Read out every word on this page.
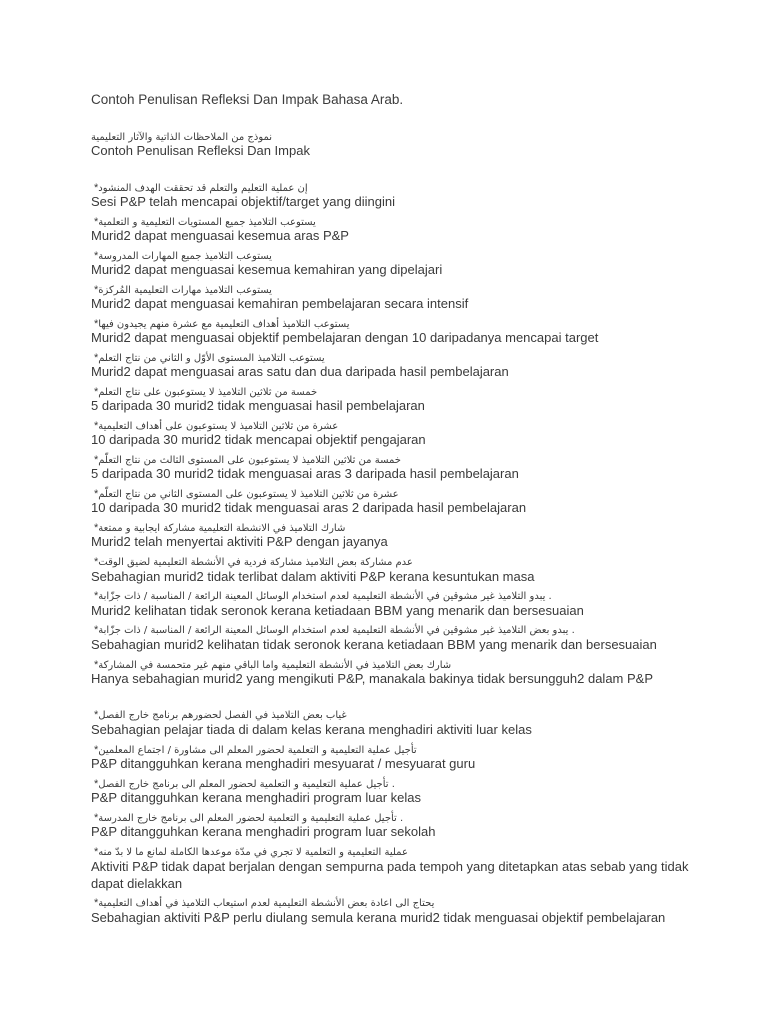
Contoh Penulisan Refleksi Dan Impak Bahasa Arab.
نموذج من الملاحظات الذاتية والآثار التعليمية
Contoh Penulisan Refleksi Dan Impak
*إن عملية التعليم والتعلم قد تحققت الهدف المنشود
Sesi P&P telah mencapai objektif/target yang diingini
*يستوعب التلاميذ جميع المستويات التعليمية و التعلمية
Murid2 dapat menguasai kesemua aras P&P
*يستوعب التلاميذ جميع المهارات المدروسة
Murid2 dapat menguasai kesemua kemahiran yang dipelajari
*يستوعب التلاميذ مهارات التعليمية المُركزة
Murid2 dapat menguasai kemahiran pembelajaran secara intensif
*يستوعب التلاميذ أهداف التعليمية مع عشرة منهم يجيدون فيها
Murid2 dapat menguasai objektif pembelajaran dengan 10 daripadanya mencapai target
*يستوعب التلاميذ المستوى الأوّل و الثاني من نتاج التعلم
Murid2 dapat menguasai aras satu dan dua daripada hasil pembelajaran
*خمسة من ثلاثين التلاميذ لا يستوعبون على نتاج التعلم
5 daripada 30 murid2 tidak menguasai hasil pembelajaran
*عشرة من ثلاثين التلاميذ لا يستوعبون على أهداف التعليمية
10 daripada 30 murid2 tidak mencapai objektif pengajaran
*خمسة من ثلاثين التلاميذ لا يستوعبون على المستوى الثالث من نتاج التعلّم
5 daripada 30 murid2 tidak menguasai aras 3 daripada hasil pembelajaran
*عشرة من ثلاثين التلاميذ لا يستوعبون على المستوى الثاني من نتاج التعلّم
10 daripada 30 murid2 tidak menguasai aras 2 daripada hasil pembelajaran
*شارك التلاميذ في الانشطة التعليمية مشاركة ايجابية و ممتعة
Murid2 telah menyertai aktiviti P&P dengan jayanya
*عدم مشاركة بعض التلاميذ مشاركة فردية في الأنشطة التعليمية لضيق الوقت
Sebahagian murid2 tidak terlibat dalam aktiviti P&P kerana kesuntukan masa
*. يبدو التلاميذ غير مشوقين في الأنشطة التعليمية لعدم استخدام الوسائل المعينة الرائعة / المناسبة / ذات جزّابة
Murid2 kelihatan tidak seronok kerana ketiadaan BBM yang menarik dan bersesuaian
*. يبدو بعض التلاميذ غير مشوقين في الأنشطة التعليمية لعدم استخدام الوسائل المعينة الرائعة / المناسبة / ذات جزّابة
Sebahagian murid2 kelihatan tidak seronok kerana ketiadaan BBM yang menarik dan bersesuaian
*شارك بعض التلاميذ في الأنشطة التعليمية واما الباقي منهم غير متحمسة في المشاركة
Hanya sebahagian murid2 yang mengikuti P&P, manakala bakinya tidak bersungguh2 dalam P&P
*غياب بعض التلاميذ في الفصل لحضورهم برنامج خارج الفصل
Sebahagian pelajar tiada di dalam kelas kerana menghadiri aktiviti luar kelas
*تأجيل عملية التعليمية و التعلمية لحضور المعلم الى مشاورة / اجتماع المعلمين
P&P ditangguhkan kerana menghadiri mesyuarat / mesyuarat guru
*. تأجيل عملية التعليمية و التعلمية لحضور المعلم الى برنامج خارج الفصل
P&P ditangguhkan kerana menghadiri program luar kelas
*. تأجيل عملية التعليمية و التعلمية لحضور المعلم الى برنامج خارج المدرسة
P&P ditangguhkan kerana menghadiri program luar sekolah
*عملية التعليمية و التعلمية لا تجري في مدّة موعدها الكاملة لمانع ما لا بدّ منه
Aktiviti P&P tidak dapat berjalan dengan sempurna pada tempoh yang ditetapkan atas sebab yang tidak
dapat dielakkan
*يحتاج الى اعادة بعض الأنشطة التعليمية لعدم استيعاب التلاميذ في أهداف التعليمية
Sebahagian aktiviti P&P perlu diulang semula kerana murid2 tidak menguasai objektif pembelajaran
